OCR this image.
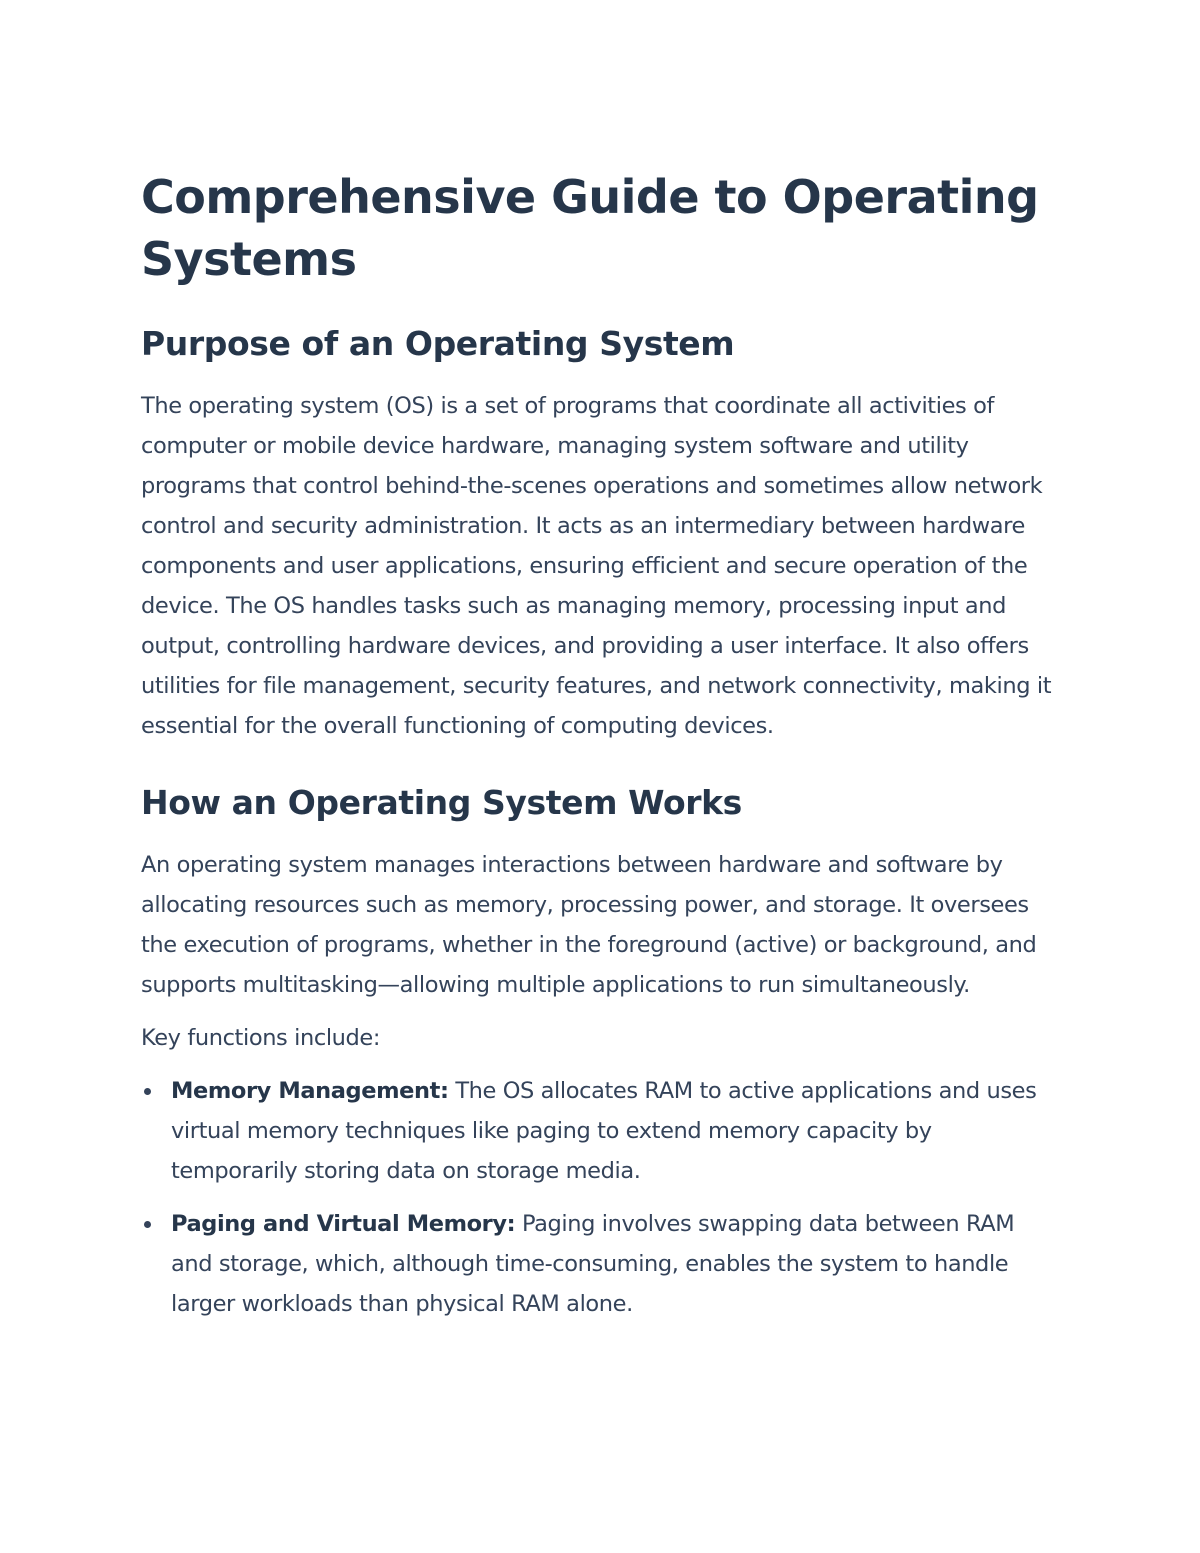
Comprehensive Guide to Operating Systems
Purpose of an Operating System

The operating system (OS) is a set of programs that coordinate all activities of computer or mobile device hardware, managing system software and utility programs that control behind-the-scenes operations and sometimes allow network control and security administration. It acts as an intermediary between hardware components and user applications, ensuring efficient and secure operation of the device. The OS handles tasks such as managing memory, processing input and output, controlling hardware devices, and providing a user interface. It also offers utilities for file management, security features, and network connectivity, making it essential for the overall functioning of computing devices.

How an Operating System Works

An operating system manages interactions between hardware and software by allocating resources such as memory, processing power, and storage. It oversees the execution of programs, whether in the foreground (active) or background, and supports multitasking—allowing multiple applications to run simultaneously.

Key functions include:

Memory Management: The OS allocates RAM to active applications and uses virtual memory techniques like paging to extend memory capacity by temporarily storing data on storage media.
Paging and Virtual Memory: Paging involves swapping data between RAM and storage, which, although time-consuming, enables the system to handle larger workloads than physical RAM alone.
